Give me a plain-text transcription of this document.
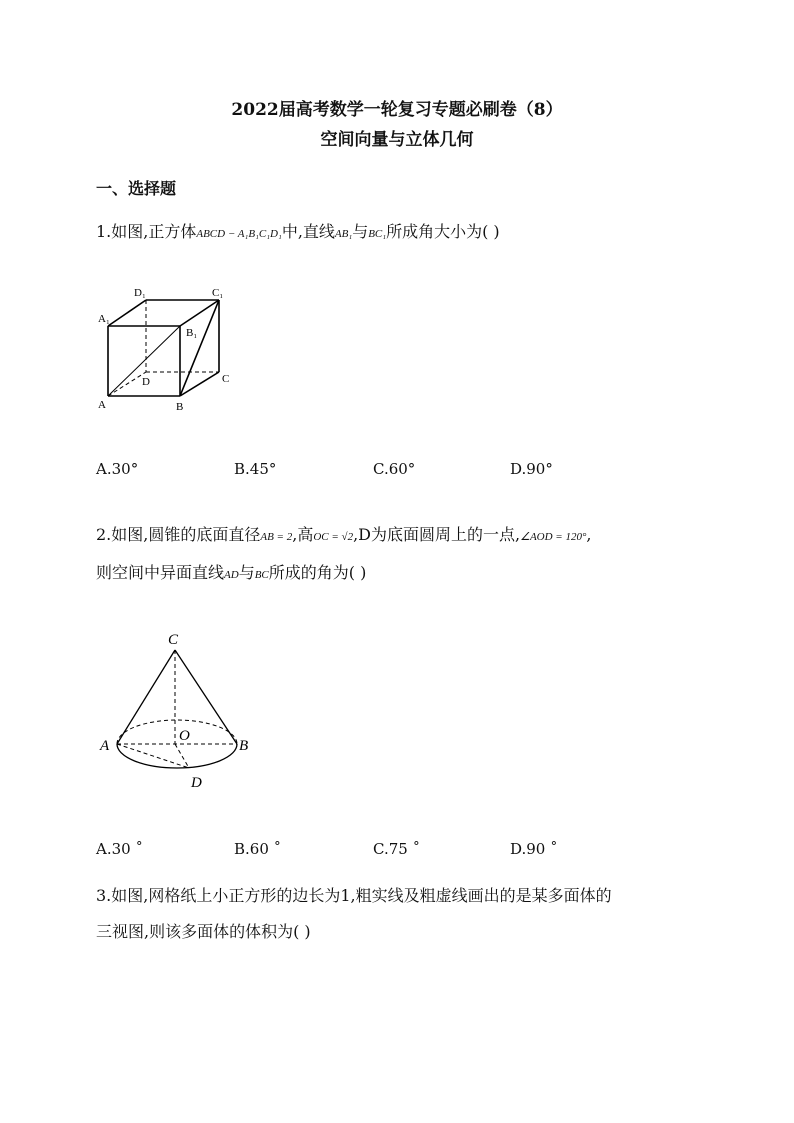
2022届高考数学一轮复习专题必刷卷（8）
空间向量与立体几何
一、选择题
1.如图,正方体ABCD − A₁B₁C₁D₁中,直线AB₁与BC₁所成角大小为( )
D₁	C₁
A₁
B₁
D	C
A	B
A.30°	B.45°	C.60°	D.90°
2.如图,圆锥的底面直径AB = 2,高OC = √2,D为底面圆周上的一点,∠AOD = 120°,
则空间中异面直线AD与BC所成的角为( )
C
O
A	B
D
A.30 ˚	B.60 ˚	C.75 ˚	D.90 ˚
3.如图,网格纸上小正方形的边长为1,粗实线及粗虚线画出的是某多面体的
三视图,则该多面体的体积为( )
